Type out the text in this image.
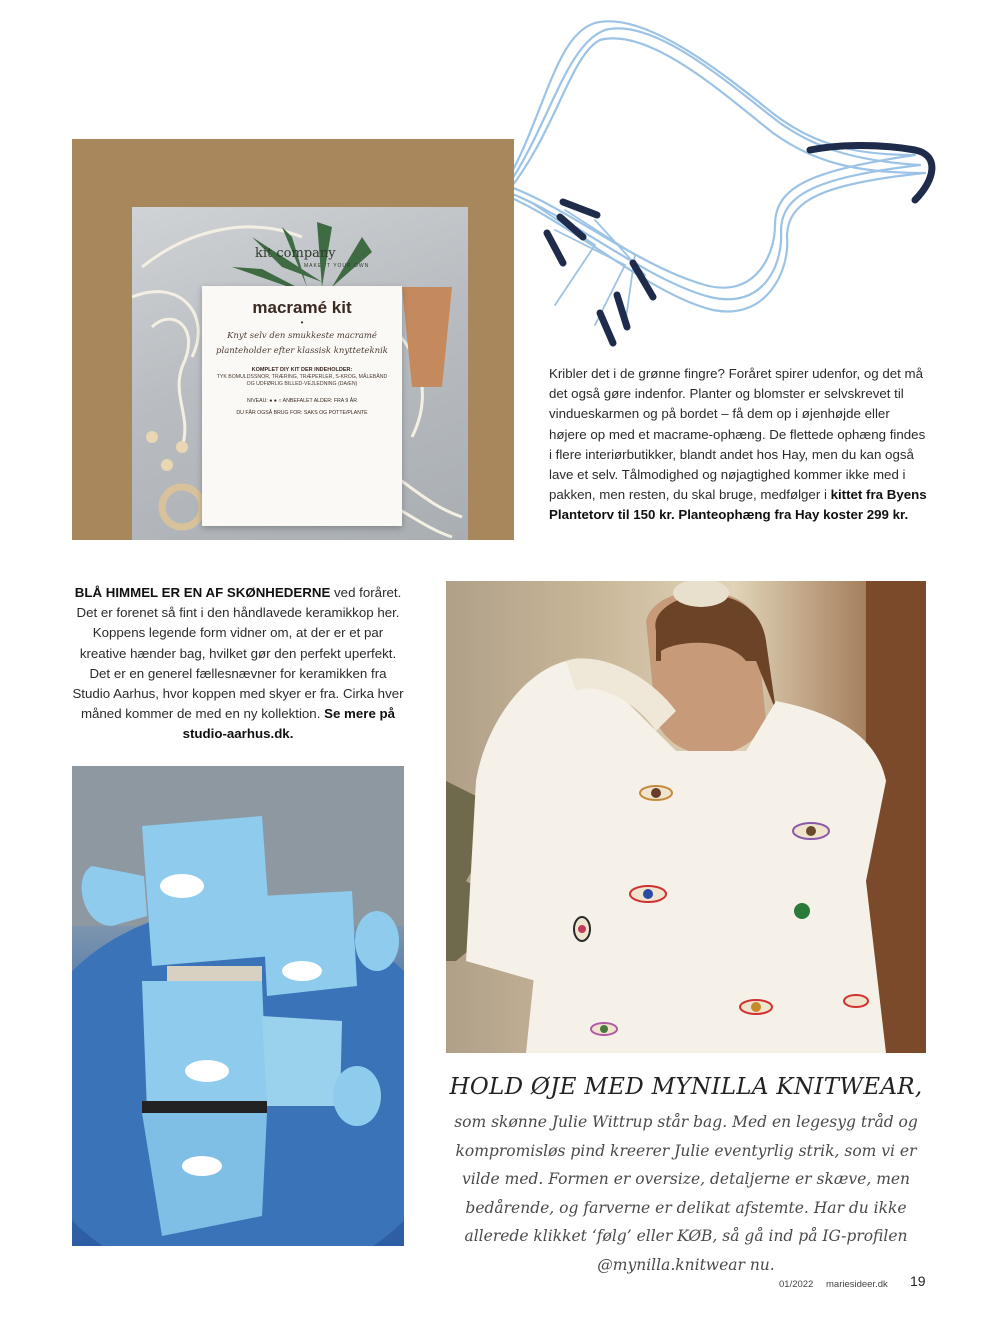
kit company
MAKE IT YOUR OWN
macramé kit
•
Knyt selv den smukkeste macramé planteholder efter klassisk knytteteknik
KOMPLET DIY KIT DER INDEHOLDER:
TYK BOMULDSSNOR, TRÆRING, TRÆPERLER, S-KROG, MÅLEBÅND OG UDFØRLIG BILLED-VEJLEDNING (DA/EN)
NIVEAU: ● ● ○ ANBEFALET ALDER: FRA 9 ÅR
DU FÅR OGSÅ BRUG FOR: SAKS OG POTTE/PLANTE
Kribler det i de grønne fingre? Foråret spirer udenfor, og det må det også gøre indenfor. Planter og blomster er selvskrevet til vindueskarmen og på bordet – få dem op i øjenhøjde eller højere op med et macrame-ophæng. De flettede ophæng findes i flere interiørbutikker, blandt andet hos Hay, men du kan også lave et selv. Tålmodighed og nøjagtighed kommer ikke med i pakken, men resten, du skal bruge, medfølger i kittet fra Byens Plantetorv til 150 kr. Planteophæng fra Hay koster 299 kr.
BLÅ HIMMEL ER EN AF SKØNHEDERNE ved foråret. Det er forenet så fint i den håndlavede keramikkop her. Koppens legende form vidner om, at der er et par kreative hænder bag, hvilket gør den perfekt uperfekt. Det er en generel fællesnævner for keramikken fra Studio Aarhus, hvor koppen med skyer er fra. Cirka hver måned kommer de med en ny kollektion. Se mere på studio-aarhus.dk.
HOLD ØJE MED MYNILLA KNITWEAR,
som skønne Julie Wittrup står bag. Med en legesyg tråd og kompromisløs pind kreerer Julie eventyrlig strik, som vi er vilde med. Formen er oversize, detaljerne er skæve, men bedårende, og farverne er delikat afstemte. Har du ikke allerede klikket ‘følg’ eller KØB, så gå ind på IG-profilen @mynilla.knitwear nu.
01/2022 mariesideer.dk 19
